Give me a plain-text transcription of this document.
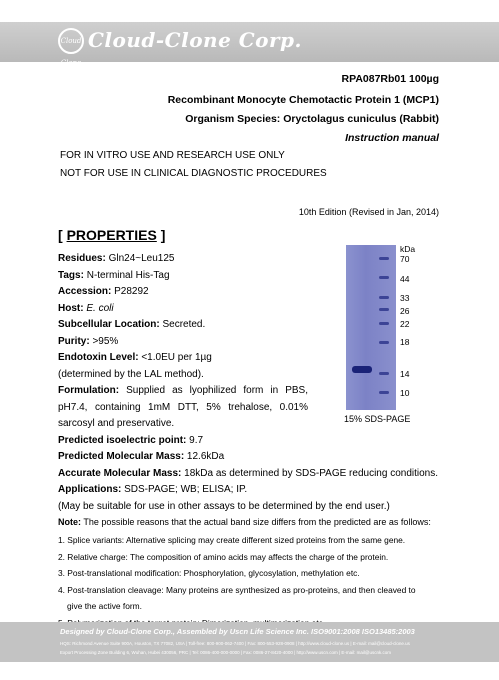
Cloud Clone
Cloud-Clone Corp.
RPA087Rb01 100µg
Recombinant Monocyte Chemotactic Protein 1 (MCP1)
Organism Species: Oryctolagus cuniculus (Rabbit)
Instruction manual
FOR IN VITRO USE AND RESEARCH USE ONLY
NOT FOR USE IN CLINICAL DIAGNOSTIC PROCEDURES
10th Edition (Revised in Jan, 2014)
[ PROPERTIES ]
Residues: Gln24~Leu125
Tags: N-terminal His-Tag
Accession: P28292
Host: E. coli
Subcellular Location: Secreted.
Purity: >95%
Endotoxin Level: <1.0EU per 1µg
(determined by the LAL method).
Formulation: Supplied as lyophilized form in PBS,
pH7.4, containing 1mM DTT, 5% trehalose, 0.01%
sarcosyl and preservative.
Predicted isoelectric point: 9.7
Predicted Molecular Mass: 12.6kDa
Accurate Molecular Mass: 18kDa as determined by SDS-PAGE reducing conditions.
Applications: SDS-PAGE; WB; ELISA; IP.
(May be suitable for use in other assays to be determined by the end user.)
Note: The possible reasons that the actual band size differs from the predicted are as follows:
1. Splice variants: Alternative splicing may create different sized proteins from the same gene.
2. Relative charge: The composition of amino acids may affects the charge of the protein.
3. Post-translational modification: Phosphorylation, glycosylation, methylation etc.
4. Post-translation cleavage: Many proteins are synthesized as pro-proteins, and then cleaved to
give the active form.
kDa
70
44
33
26
22
18
14
10
15% SDS-PAGE
Designed by Cloud-Clone Corp., Assembled by Uscn Life Science Inc. ISO9001:2008 ISO13485:2003
HQS: Richmond Avenue Suite 900A, Houston, TX 77082, USA | Toll-free: 800-900-062-7400 | Fax: 800-553-928-0908 | http://www.cloud-clone.us | E-mail: mail@cloud-clone.us
Export Processing Zone Building 6, Wuhan, Hubei 430056, PRC | Tel: 0086-400-000-0000 | Fax: 0086-27-8420-4000 | http://www.uscn.com | E-mail: mail@uscnk.com
